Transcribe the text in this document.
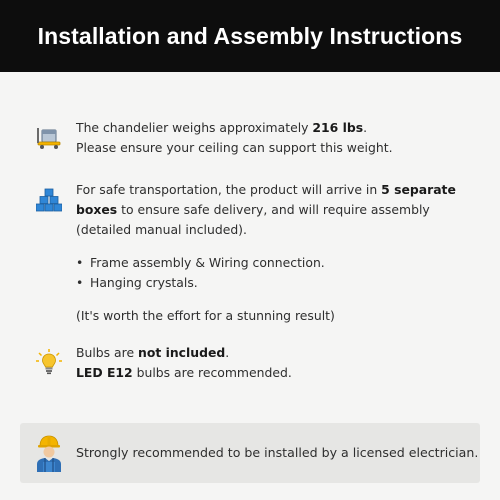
Installation and Assembly Instructions

The chandelier weighs approximately 216 lbs.

Please ensure your ceiling can support this weight.

For safe transportation, the product will arrive in 5 separate

boxes to ensure safe delivery, and will require assembly

(detailed manual included).

• Frame assembly & Wiring connection.
• Hanging crystals.

(It's worth the effort for a stunning result)

Bulbs are not included.

LED E12 bulbs are recommended.

Strongly recommended to be installed by a licensed electrician.
